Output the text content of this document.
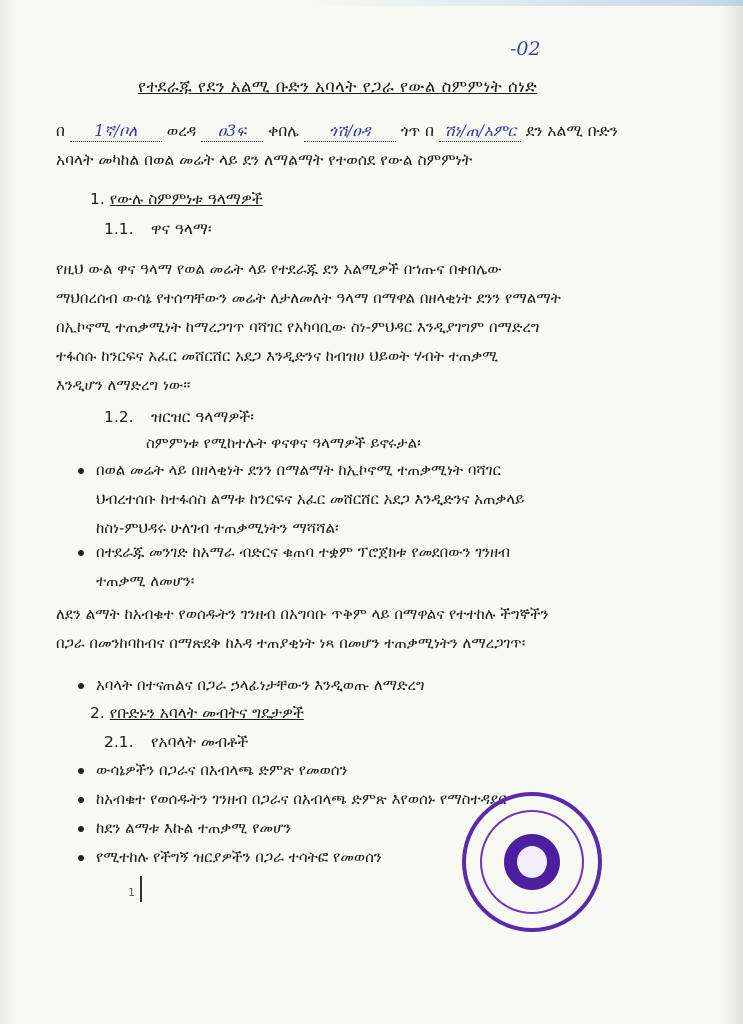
-02
የተደራጁ የደን አልሚ ቡድን አባላት የጋራ የውል ስምምነት ሰነድ
በ 1ኛ/ቦለ ወረዳ ዐ3ፍ ቀበሌ ጎሽ/ዐዳ ጎጥ በ ሽነ/ጠ/አምር ደን አልሚ ቡድን
አባላት መካከል በወል መሬት ላይ ደን ለማልማት የተወሰደ የውል ስምምነት
1. የውሉ ስምምነቱ ዓላማዎች
1.1. ዋና ዓላማ፡
የዚህ ውል ዋና ዓላማ የወል መሬት ላይ የተደራጁ ደን አልሚዎች በኀጡና በቀበሌው
ማህበረሰብ ውሳኔ የተሰጣቸውን መሬት ለታለመለት ዓላማ በማዋል በዘላቂነት ደንን የማልማት
በኢኮኖሚ ተጠቃሚነት ከማረጋገጥ ባሻገር የአካባቢው ስነ-ምህዳር እንዲያገግም በማድረግ
ተፋሰሱ ከንርፍና አፈር መሸርሸር አደጋ እንዲድንና ከብዝሀ ህይወት ሃብት ተጠቃሚ
እንዲሆን ለማድረግ ነው፡፡
1.2. ዝርዝር ዓላማዎች፡
ስምምነቱ የሚከተሉት ዋናዋና ዓላማዎች ይኖሩታል፡
በወል መሬት ላይ በዘላቂነት ደንን በማልማት ከኢኮኖሚ ተጠቃሚነት ባሻገር
ህብረተሰቡ ከተፋሰስ ልማቱ ከንርፍና አፈር መሸርሸር አደጋ እንዲድንና አጠቃላይ
ከስነ-ምህዳሩ ሁለገብ ተጠቃሚነትን ማሻሻል፡
በተደራጁ መንገድ ከአማራ ብድርና ቁጠባ ተቋም ፕሮጀክቱ የመደበውን ገንዘብ
ተጠቃሚ ለመሆን፡
ለደን ልማት ከአብቁተ የወሰዱትን ገንዘብ በአግባቡ ጥቅም ላይ በማዋልና የተተከሉ ችግኞችን
በጋራ በመንከባከብና በማጽደቅ ከእዳ ተጠያቂነት ነጻ በመሆን ተጠቃሚነትን ለማረጋገጥ፡
አባላት በተናጠልና በጋራ ኃላፊነታቸውን እንዲወጡ ለማድረግ
2. የቡድኑን አባላት መብትና ግዴታዎች
2.1. የአባላት መብቶች
ውሳኔዎችን በጋራና በአብላጫ ድምጽ የመወሰን
ከአብቁተ የወሰዱትን ገንዘብ በጋራና በአብላጫ ድምጽ እየወሰኑ የማስተዳደር
ከደን ልማቱ እኩል ተጠቃሚ የመሆን
የሚተከሉ የችግኝ ዝርያዎችን በጋራ ተሳትፎ የመወሰን
1
